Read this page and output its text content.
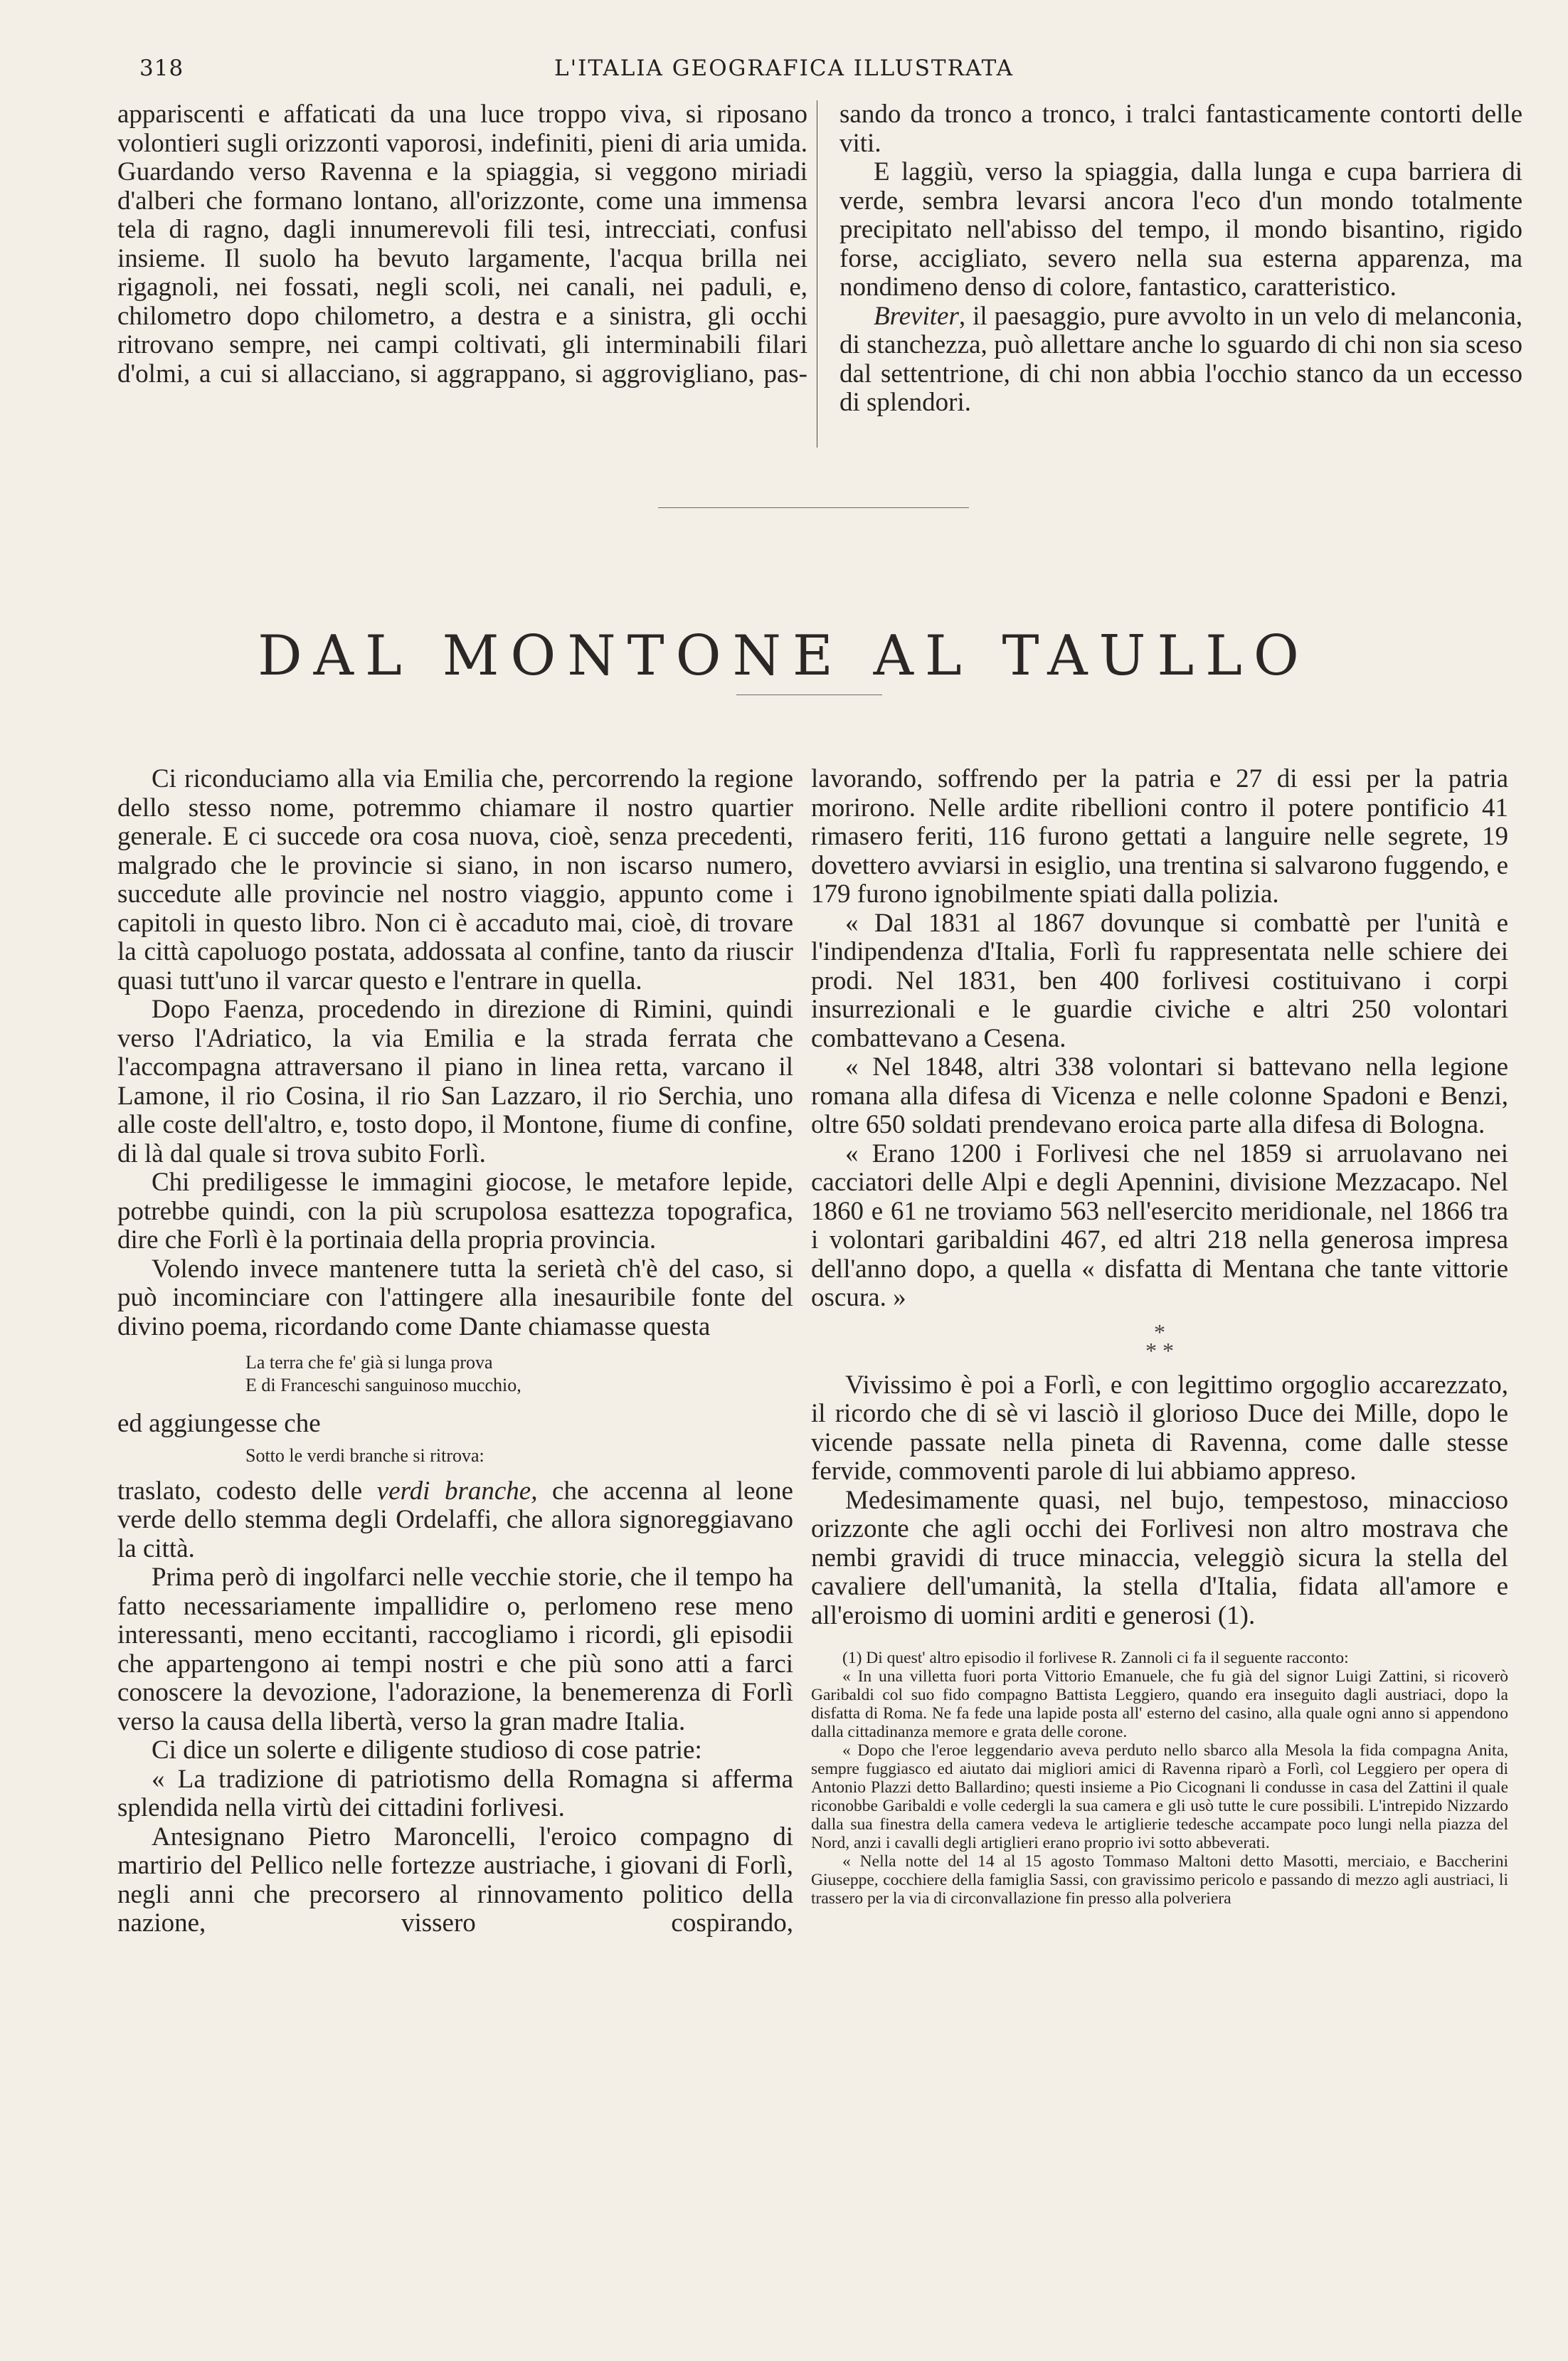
318	L'ITALIA GEOGRAFICA ILLUSTRATA

appariscenti e affaticati da una luce troppo viva, si riposano volontieri sugli orizzonti vaporosi, indefiniti, pieni di aria umida. Guardando verso Ravenna e la spiaggia, si veggono miriadi d'alberi che formano lontano, all'orizzonte, come una immensa tela di ragno, dagli innumerevoli fili tesi, intrecciati, confusi insieme. Il suolo ha bevuto largamente, l'acqua brilla nei rigagnoli, nei fossati, negli scoli, nei canali, nei paduli, e, chilometro dopo chilometro, a destra e a sinistra, gli occhi ritrovano sempre, nei campi coltivati, gli interminabili filari d'olmi, a cui si allacciano, si aggrappano, si aggrovigliano, pas-

sando da tronco a tronco, i tralci fantasticamente contorti delle viti.

E laggiù, verso la spiaggia, dalla lunga e cupa barriera di verde, sembra levarsi ancora l'eco d'un mondo totalmente precipitato nell'abisso del tempo, il mondo bisantino, rigido forse, accigliato, severo nella sua esterna apparenza, ma nondimeno denso di colore, fantastico, caratteristico.

Breviter, il paesaggio, pure avvolto in un velo di melanconia, di stanchezza, può allettare anche lo sguardo di chi non sia sceso dal settentrione, di chi non abbia l'occhio stanco da un eccesso di splendori.

DAL MONTONE AL TAULLO

Ci riconduciamo alla via Emilia che, percorrendo la regione dello stesso nome, potremmo chiamare il nostro quartier generale. E ci succede ora cosa nuova, cioè, senza precedenti, malgrado che le provincie si siano, in non iscarso numero, succedute alle provincie nel nostro viaggio, appunto come i capitoli in questo libro. Non ci è accaduto mai, cioè, di trovare la città capoluogo postata, addossata al confine, tanto da riuscir quasi tutt'uno il varcar questo e l'entrare in quella.

Dopo Faenza, procedendo in direzione di Rimini, quindi verso l'Adriatico, la via Emilia e la strada ferrata che l'accompagna attraversano il piano in linea retta, varcano il Lamone, il rio Cosina, il rio San Lazzaro, il rio Serchia, uno alle coste dell'altro, e, tosto dopo, il Montone, fiume di confine, di là dal quale si trova subito Forlì.

Chi prediligesse le immagini giocose, le metafore lepide, potrebbe quindi, con la più scrupolosa esattezza topografica, dire che Forlì è la portinaia della propria provincia.

Volendo invece mantenere tutta la serietà ch'è del caso, si può incominciare con l'attingere alla inesauribile fonte del divino poema, ricordando come Dante chiamasse questa

La terra che fe' già si lunga prova
E di Franceschi sanguinoso mucchio,

ed aggiungesse che

Sotto le verdi branche si ritrova:

traslato, codesto delle verdi branche, che accenna al leone verde dello stemma degli Ordelaffi, che allora signoreggiavano la città.

Prima però di ingolfarci nelle vecchie storie, che il tempo ha fatto necessariamente impallidire o, perlomeno rese meno interessanti, meno eccitanti, raccogliamo i ricordi, gli episodii che appartengono ai tempi nostri e che più sono atti a farci conoscere la devozione, l'adorazione, la benemerenza di Forlì verso la causa della libertà, verso la gran madre Italia.

Ci dice un solerte e diligente studioso di cose patrie:

« La tradizione di patriotismo della Romagna si afferma splendida nella virtù dei cittadini forlivesi.

Antesignano Pietro Maroncelli, l'eroico compagno di martirio del Pellico nelle fortezze austriache, i giovani di Forlì, negli anni che precorsero al rinnovamento politico della nazione, vissero cospirando,

lavorando, soffrendo per la patria e 27 di essi per la patria morirono. Nelle ardite ribellioni contro il potere pontificio 41 rimasero feriti, 116 furono gettati a languire nelle segrete, 19 dovettero avviarsi in esiglio, una trentina si salvarono fuggendo, e 179 furono ignobilmente spiati dalla polizia.

« Dal 1831 al 1867 dovunque si combattè per l'unità e l'indipendenza d'Italia, Forlì fu rappresentata nelle schiere dei prodi. Nel 1831, ben 400 forlivesi costituivano i corpi insurrezionali e le guardie civiche e altri 250 volontari combattevano a Cesena.

« Nel 1848, altri 338 volontari si battevano nella legione romana alla difesa di Vicenza e nelle colonne Spadoni e Benzi, oltre 650 soldati prendevano eroica parte alla difesa di Bologna.

« Erano 1200 i Forlivesi che nel 1859 si arruolavano nei cacciatori delle Alpi e degli Apennini, divisione Mezzacapo. Nel 1860 e 61 ne troviamo 563 nell'esercito meridionale, nel 1866 tra i volontari garibaldini 467, ed altri 218 nella generosa impresa dell'anno dopo, a quella « disfatta di Mentana che tante vittorie oscura. »

*
* *

Vivissimo è poi a Forlì, e con legittimo orgoglio accarezzato, il ricordo che di sè vi lasciò il glorioso Duce dei Mille, dopo le vicende passate nella pineta di Ravenna, come dalle stesse fervide, commoventi parole di lui abbiamo appreso.

Medesimamente quasi, nel bujo, tempestoso, minaccioso orizzonte che agli occhi dei Forlivesi non altro mostrava che nembi gravidi di truce minaccia, veleggiò sicura la stella del cavaliere dell'umanità, la stella d'Italia, fidata all'amore e all'eroismo di uomini arditi e generosi (1).

(1) Di quest' altro episodio il forlivese R. Zannoli ci fa il seguente racconto:

« In una villetta fuori porta Vittorio Emanuele, che fu già del signor Luigi Zattini, si ricoverò Garibaldi col suo fido compagno Battista Leggiero, quando era inseguito dagli austriaci, dopo la disfatta di Roma. Ne fa fede una lapide posta all' esterno del casino, alla quale ogni anno si appendono dalla cittadinanza memore e grata delle corone.

« Dopo che l'eroe leggendario aveva perduto nello sbarco alla Mesola la fida compagna Anita, sempre fuggiasco ed aiutato dai migliori amici di Ravenna riparò a Forlì, col Leggiero per opera di Antonio Plazzi detto Ballardino; questi insieme a Pio Cicognani li condusse in casa del Zattini il quale riconobbe Garibaldi e volle cedergli la sua camera e gli usò tutte le cure possibili. L'intrepido Nizzardo dalla sua finestra della camera vedeva le artiglierie tedesche accampate poco lungi nella piazza del Nord, anzi i cavalli degli artiglieri erano proprio ivi sotto abbeverati.

« Nella notte del 14 al 15 agosto Tommaso Maltoni detto Masotti, merciaio, e Baccherini Giuseppe, cocchiere della famiglia Sassi, con gravissimo pericolo e passando di mezzo agli austriaci, li trassero per la via di circonvallazione fin presso alla polveriera
